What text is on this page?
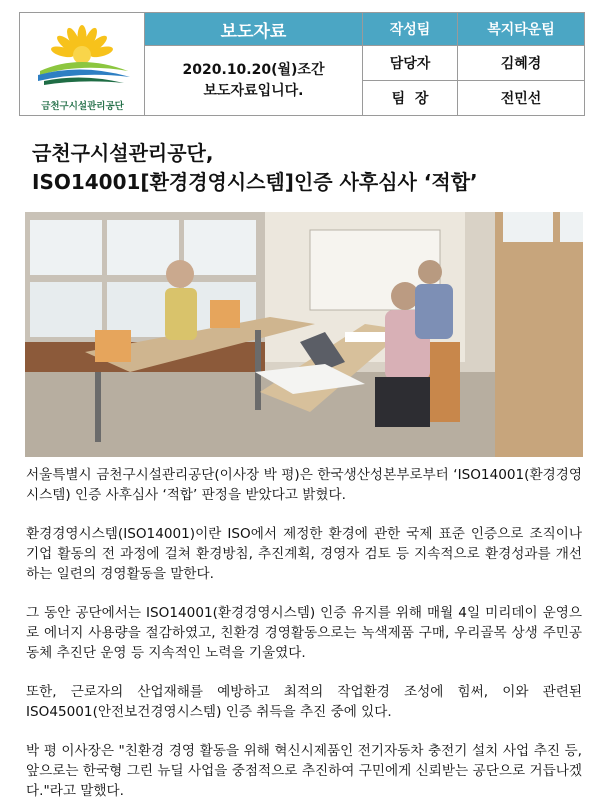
금천구시설관리공단
보도자료
2020.10.20(월)조간
보도자료입니다.
작성팀	복지타운팀
담당자	김혜경
팀  장	전민선
금천구시설관리공단,
ISO14001[환경경영시스템]인증 사후심사 ‘적합’

서울특별시 금천구시설관리공단(이사장 박 평)은 한국생산성본부로부터 ‘ISO14001(환경경영시스템) 인증 사후심사 ‘적합’ 판정을 받았다고 밝혔다.

환경경영시스템(ISO14001)이란 ISO에서 제정한 환경에 관한 국제 표준 인증으로 조직이나 기업 활동의 전 과정에 걸쳐 환경방침, 추진계획, 경영자 검토 등 지속적으로 환경성과를 개선하는 일련의 경영활동을 말한다.

그 동안 공단에서는 ISO14001(환경경영시스템) 인증 유지를 위해 매월 4일 미리데이 운영으로 에너지 사용량을 절감하였고, 친환경 경영활동으로는 녹색제품 구매, 우리골목 상생 주민공동체 추진단 운영 등 지속적인 노력을 기울였다.

또한, 근로자의 산업재해를 예방하고 최적의 작업환경 조성에 힘써, 이와 관련된 ISO45001(안전보건경영시스템) 인증 취득을 추진 중에 있다.

박 평 이사장은 "친환경 경영 활동을 위해 혁신시제품인 전기자동차 충전기 설치 사업 추진 등, 앞으로는 한국형 그린 뉴딜 사업을 중점적으로 추진하여 구민에게 신뢰받는 공단으로 거듭나겠다."라고 말했다.
